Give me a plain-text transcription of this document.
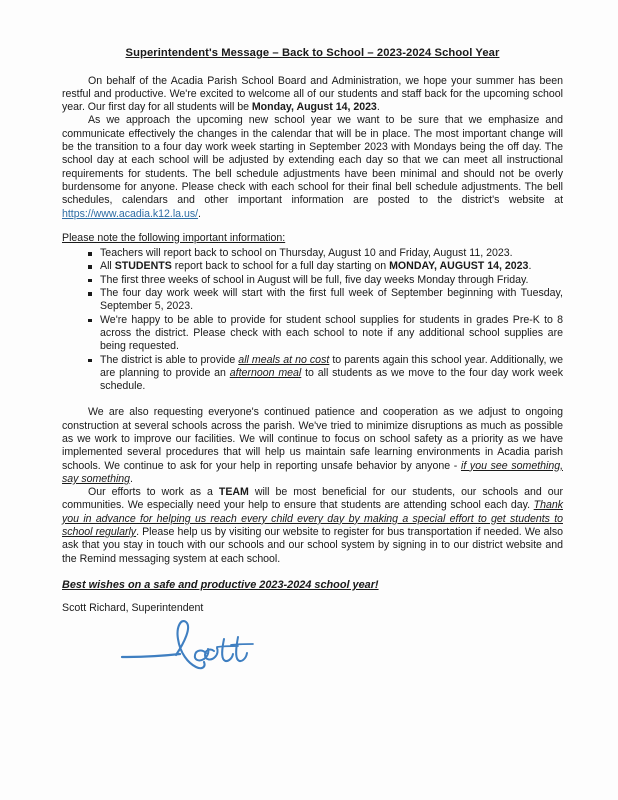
Superintendent's Message – Back to School – 2023-2024 School Year

On behalf of the Acadia Parish School Board and Administration, we hope your summer has been restful and productive. We're excited to welcome all of our students and staff back for the upcoming school year. Our first day for all students will be Monday, August 14, 2023.

As we approach the upcoming new school year we want to be sure that we emphasize and communicate effectively the changes in the calendar that will be in place. The most important change will be the transition to a four day work week starting in September 2023 with Mondays being the off day. The school day at each school will be adjusted by extending each day so that we can meet all instructional requirements for students. The bell schedule adjustments have been minimal and should not be overly burdensome for anyone. Please check with each school for their final bell schedule adjustments. The bell schedules, calendars and other important information are posted to the district's website at https://www.acadia.k12.la.us/.

Please note the following important information:

Teachers will report back to school on Thursday, August 10 and Friday, August 11, 2023.
All STUDENTS report back to school for a full day starting on MONDAY, AUGUST 14, 2023.
The first three weeks of school in August will be full, five day weeks Monday through Friday.
The four day work week will start with the first full week of September beginning with Tuesday, September 5, 2023.
We're happy to be able to provide for student school supplies for students in grades Pre-K to 8 across the district. Please check with each school to note if any additional school supplies are being requested.
The district is able to provide all meals at no cost to parents again this school year. Additionally, we are planning to provide an afternoon meal to all students as we move to the four day work week schedule.

We are also requesting everyone's continued patience and cooperation as we adjust to ongoing construction at several schools across the parish. We've tried to minimize disruptions as much as possible as we work to improve our facilities. We will continue to focus on school safety as a priority as we have implemented several procedures that will help us maintain safe learning environments in Acadia parish schools. We continue to ask for your help in reporting unsafe behavior by anyone - if you see something, say something.

Our efforts to work as a TEAM will be most beneficial for our students, our schools and our communities. We especially need your help to ensure that students are attending school each day. Thank you in advance for helping us reach every child every day by making a special effort to get students to school regularly. Please help us by visiting our website to register for bus transportation if needed. We also ask that you stay in touch with our schools and our school system by signing in to our district website and the Remind messaging system at each school.

Best wishes on a safe and productive 2023-2024 school year!

Scott Richard, Superintendent
